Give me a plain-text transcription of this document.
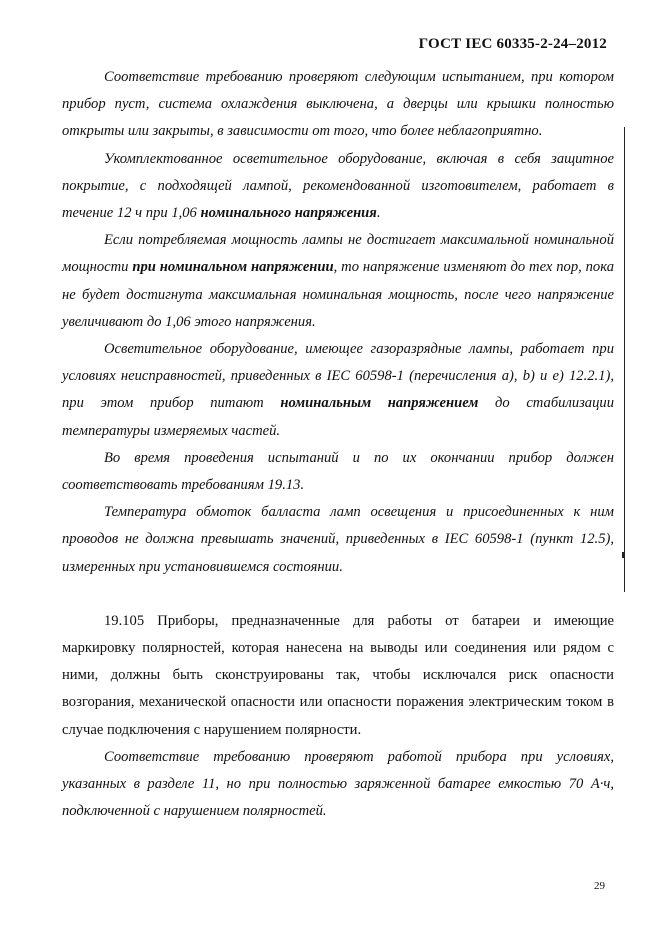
ГОСТ IEC 60335-2-24–2012

Соответствие требованию проверяют следующим испытанием, при котором прибор пуст, система охлаждения выключена, а дверцы или крышки полностью открыты или закрыты, в зависимости от того, что более неблагоприятно.

Укомплектованное осветительное оборудование, включая в себя защитное покрытие, с подходящей лампой, рекомендованной изготовителем, работает в течение 12 ч при 1,06 номинального напряжения.

Если потребляемая мощность лампы не достигает максимальной номинальной мощности при номинальном напряжении, то напряжение изменяют до тех пор, пока не будет достигнута максимальная номинальная мощность, после чего напряжение увеличивают до 1,06 этого напряжения.

Осветительное оборудование, имеющее газоразрядные лампы, работает при условиях неисправностей, приведенных в IEC 60598-1 (перечисления а), b) и е) 12.2.1), при этом прибор питают номинальным напряжением до стабилизации температуры измеряемых частей.

Во время проведения испытаний и по их окончании прибор должен соответствовать требованиям 19.13.

Температура обмоток балласта ламп освещения и присоединенных к ним проводов не должна превышать значений, приведенных в IEC 60598-1 (пункт 12.5), измеренных при установившемся состоянии.

19.105 Приборы, предназначенные для работы от батареи и имеющие маркировку полярностей, которая нанесена на выводы или соединения или рядом с ними, должны быть сконструированы так, чтобы исключался риск опасности возгорания, механической опасности или опасности поражения электрическим током в случае подключения с нарушением полярности.

Соответствие требованию проверяют работой прибора при условиях, указанных в разделе 11, но при полностью заряженной батарее емкостью 70 А·ч, подключенной с нарушением полярностей.

29
